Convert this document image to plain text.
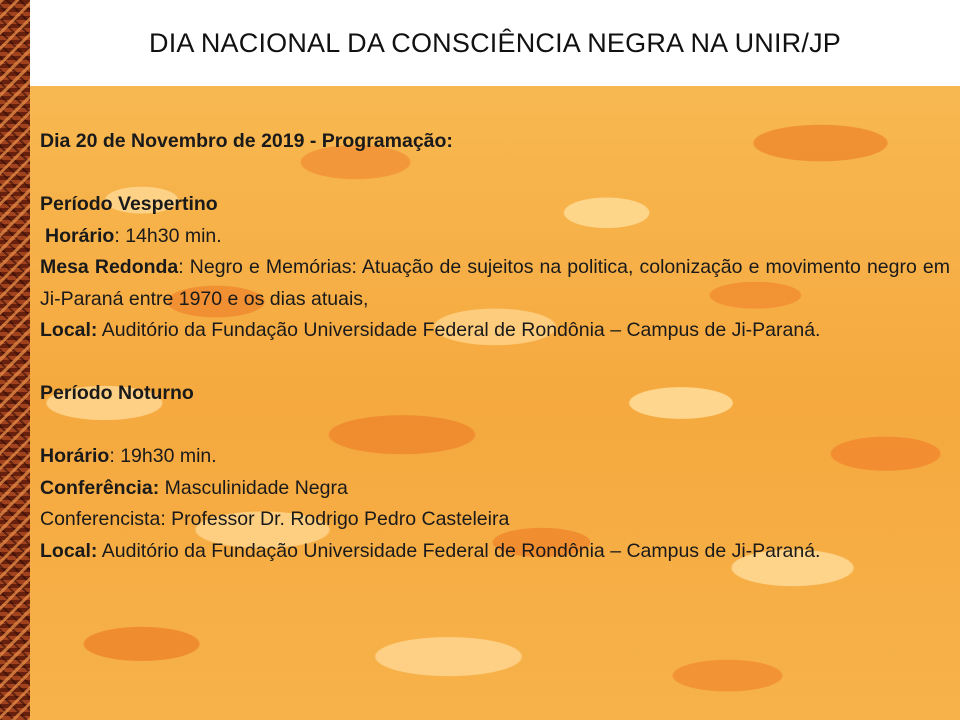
DIA NACIONAL DA CONSCIÊNCIA NEGRA NA UNIR/JP

Dia 20 de Novembro de 2019 - Programação:

Período Vespertino

Horário: 14h30 min.

Mesa Redonda: Negro e Memórias: Atuação de sujeitos na politica, colonização e movimento negro em Ji-Paraná entre 1970 e os dias atuais,

Local: Auditório da Fundação Universidade Federal de Rondônia – Campus de Ji-Paraná.

Período Noturno

Horário: 19h30 min.

Conferência: Masculinidade Negra

Conferencista: Professor Dr. Rodrigo Pedro Casteleira

Local: Auditório da Fundação Universidade Federal de Rondônia – Campus de Ji-Paraná.
